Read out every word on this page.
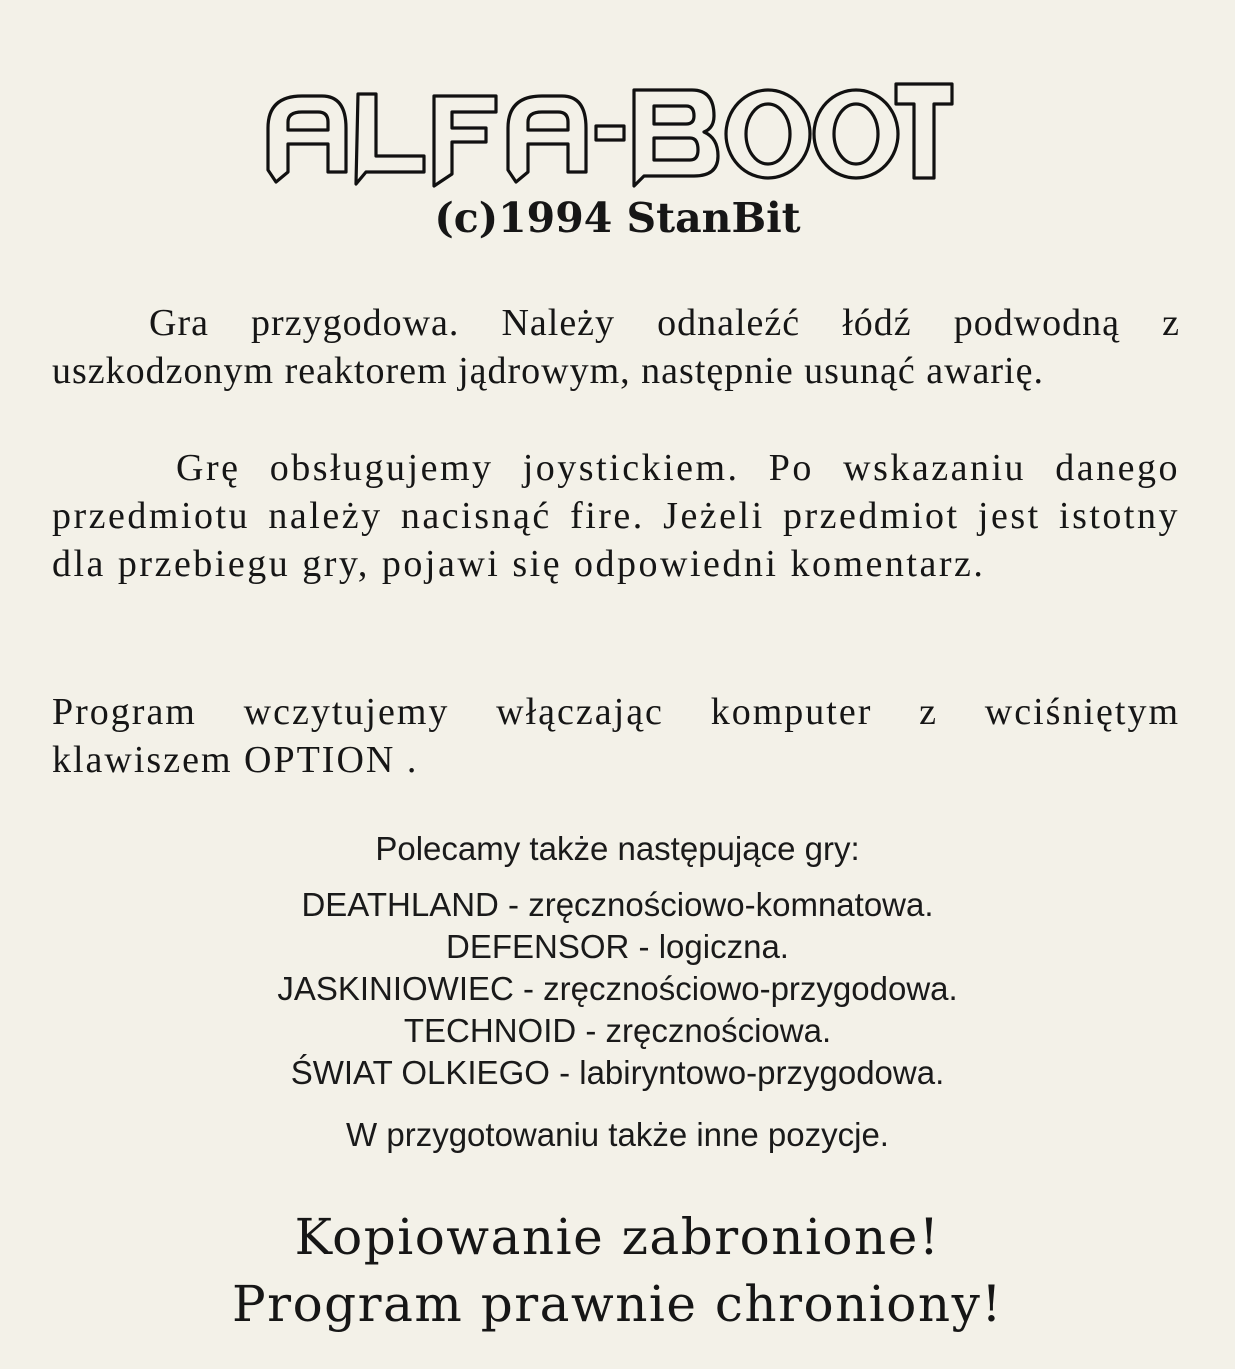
(c)1994 StanBit
Gra przygodowa. Należy odnaleźć łódź podwodną z uszkodzonym reaktorem jądrowym, następnie usunąć awarię.
Grę obsługujemy joystickiem. Po wskazaniu danego przedmiotu należy nacisnąć fire. Jeżeli przedmiot jest istotny dla przebiegu gry, pojawi się odpowiedni komentarz.
Program wczytujemy włączając komputer z wciśniętym klawiszem OPTION .
Polecamy także następujące gry:
DEATHLAND - zręcznościowo-komnatowa.
DEFENSOR - logiczna.
JASKINIOWIEC - zręcznościowo-przygodowa.
TECHNOID - zręcznościowa.
ŚWIAT OLKIEGO - labiryntowo-przygodowa.
W przygotowaniu także inne pozycje.
Kopiowanie zabronione!
Program prawnie chroniony!
